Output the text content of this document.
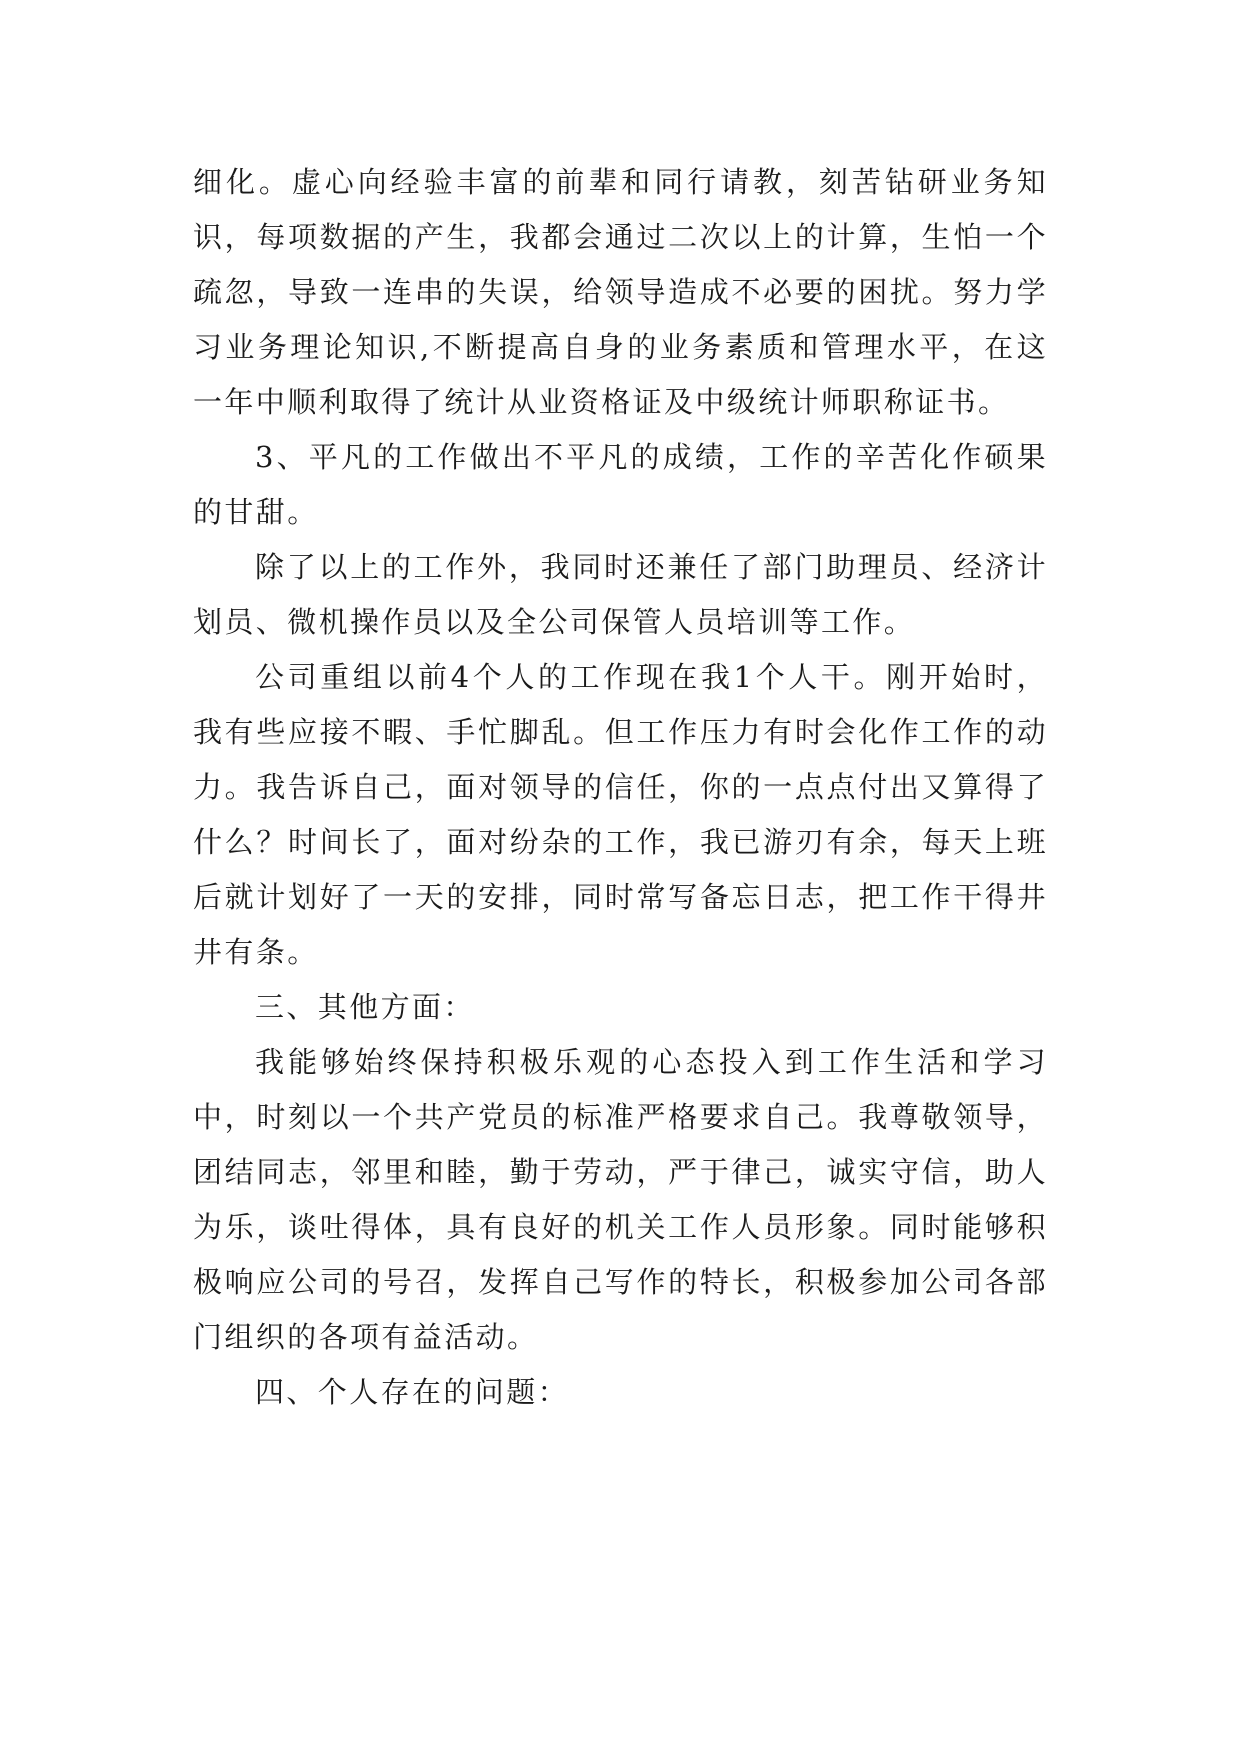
细化。虚心向经验丰富的前辈和同行请教，刻苦钻研业务知识，每项数据的产生，我都会通过二次以上的计算，生怕一个疏忽，导致一连串的失误，给领导造成不必要的困扰。努力学习业务理论知识,不断提高自身的业务素质和管理水平，在这一年中顺利取得了统计从业资格证及中级统计师职称证书。

3、平凡的工作做出不平凡的成绩，工作的辛苦化作硕果的甘甜。

除了以上的工作外，我同时还兼任了部门助理员、经济计划员、微机操作员以及全公司保管人员培训等工作。

公司重组以前4个人的工作现在我1个人干。刚开始时，我有些应接不暇、手忙脚乱。但工作压力有时会化作工作的动力。我告诉自己，面对领导的信任，你的一点点付出又算得了什么？时间长了，面对纷杂的工作，我已游刃有余，每天上班后就计划好了一天的安排，同时常写备忘日志，把工作干得井井有条。

三、其他方面：

我能够始终保持积极乐观的心态投入到工作生活和学习中，时刻以一个共产党员的标准严格要求自己。我尊敬领导，团结同志，邻里和睦，勤于劳动，严于律己，诚实守信，助人为乐，谈吐得体，具有良好的机关工作人员形象。同时能够积极响应公司的号召，发挥自己写作的特长，积极参加公司各部门组织的各项有益活动。

四、个人存在的问题：
